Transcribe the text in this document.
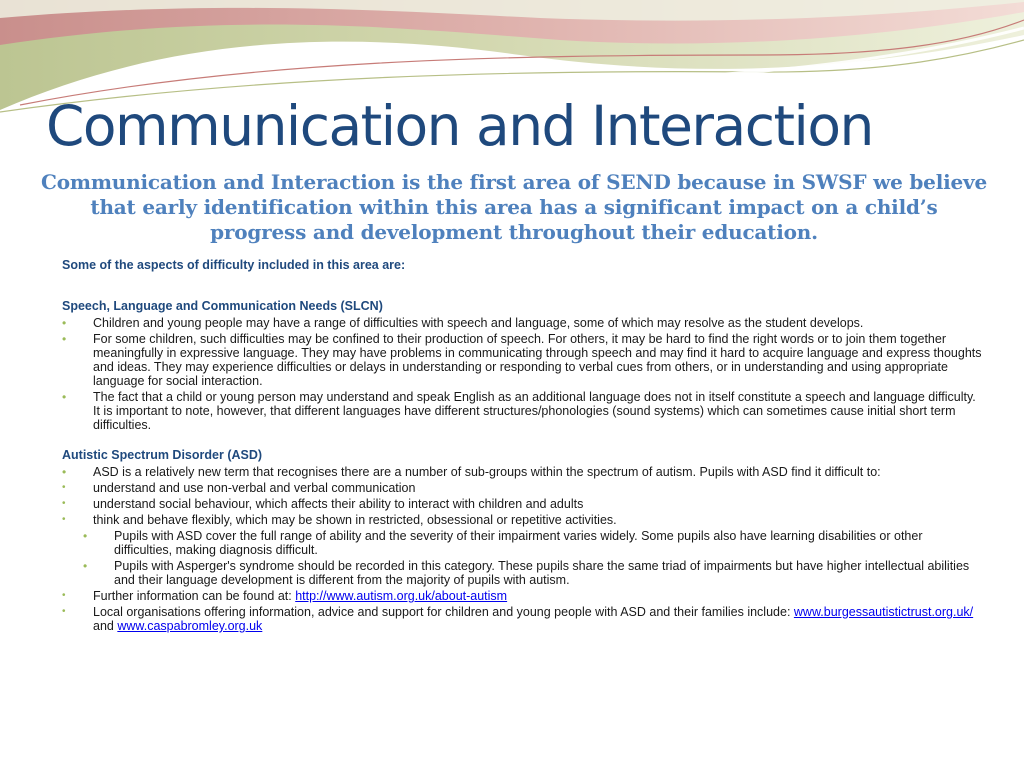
Communication and Interaction

Communication and Interaction is the first area of SEND because in SWSF we believe that early identification within this area has a significant impact on a child’s progress and development throughout their education.

Some of the aspects of difficulty included in this area are:

Speech, Language and Communication Needs (SLCN)

• Children and young people may have a range of difficulties with speech and language, some of which may resolve as the student develops.
• For some children, such difficulties may be confined to their production of speech. For others, it may be hard to find the right words or to join them together meaningfully in expressive language. They may have problems in communicating through speech and may find it hard to acquire language and express thoughts and ideas. They may experience difficulties or delays in understanding or responding to verbal cues from others, or in understanding and using appropriate language for social interaction.
• The fact that a child or young person may understand and speak English as an additional language does not in itself constitute a speech and language difficulty. It is important to note, however, that different languages have different structures/phonologies (sound systems) which can sometimes cause initial short term difficulties.

Autistic Spectrum Disorder (ASD)

• ASD is a relatively new term that recognises there are a number of sub-groups within the spectrum of autism. Pupils with ASD find it difficult to:
• understand and use non-verbal and verbal communication
• understand social behaviour, which affects their ability to interact with children and adults
• think and behave flexibly, which may be shown in restricted, obsessional or repetitive activities.
• Pupils with ASD cover the full range of ability and the severity of their impairment varies widely. Some pupils also have learning disabilities or other difficulties, making diagnosis difficult.
• Pupils with Asperger's syndrome should be recorded in this category. These pupils share the same triad of impairments but have higher intellectual abilities and their language development is different from the majority of pupils with autism.
• Further information can be found at: http://www.autism.org.uk/about-autism
• Local organisations offering information, advice and support for children and young people with ASD and their families include: www.burgessautistictrust.org.uk/ and www.caspabromley.org.uk
